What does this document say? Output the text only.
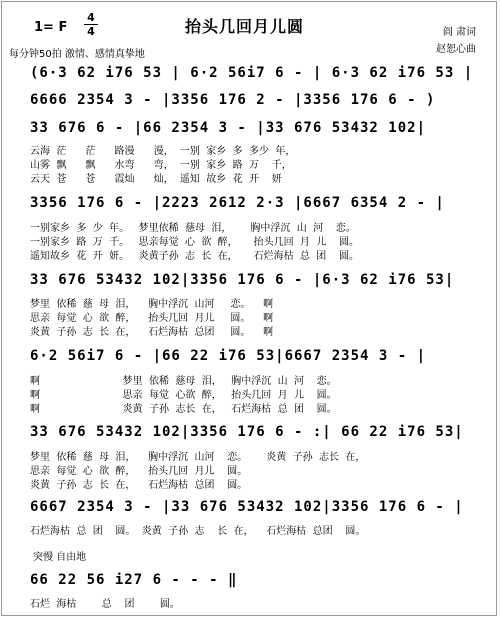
1= F
4
4	抬头几回月儿圆	阎 肃词
赵恕心曲
每分钟50拍 激情、感情真挚地
(6·3 62 i76 53 | 6·2 56i7 6 - | 6·3 62 i76 53 |
6666 2354 3 - |3356 176 2 - |3356 176 6 - )
33 676 6 - |66 2354 3 - |33 676 53432 102|
云海  茫      茫      路漫      漫，  一别  家乡  多  多少  年，
山雾  飘      飘      水弯      弯，  一别  家乡  路  万    千，
云天  苍      苍      霞灿      灿，  遥知  故乡  花  开    妍
3356 176 6 - |2223 2612 2·3 |6667 6354 2 - |
一别家乡  多  少  年。   梦里依稀  慈母  泪，      胸中浮沉  山  河    恋。
一别家乡  路  万  千。   思亲每觉  心  欲  醉，     抬头几回  月  儿    圆。
遥知故乡  花  开  妍。   炎黄子孙  志  长  在，     石烂海枯  总  团    圆。
33 676 53432 102|3356 176 6 - |6·3 62 i76 53|
梦里  依稀  慈  母  泪，    胸中浮沉  山河     恋。    啊
思亲  每觉  心  欲  醉，    抬头几回  月儿     圆。    啊
炎黄  子孙  志  长  在，    石烂海枯  总团     圆。    啊
6·2 56i7 6 - |66 22 i76 53|6667 2354 3 - |
啊                          梦里  依稀  慈母  泪，   胸中浮沉  山  河    恋。
啊                          思亲  每觉  心欲  醉，   抬头几回  月  儿    圆。
啊                          炎黄  子孙  志长  在，   石烂海枯  总  团    圆。
33 676 53432 102|3356 176 6 - :| 66 22 i76 53|
梦里  依稀  慈  母  泪，    胸中浮沉  山河    恋。      炎黄  子孙  志长  在，
思亲  每觉  心  欲  醉，    抬头几回  月儿    圆。
炎黄  子孙  志  长  在，    石烂海枯  总团    圆。
6667 2354 3 - |33 676 53432 102|3356 176 6 - |
石烂海枯  总  团    圆。  炎黄  子孙  志    长  在，    石烂海枯  总团    圆。
突慢 自由地
66 22 56 i27 6 - - - ‖
石烂  海枯        总    团        圆。
